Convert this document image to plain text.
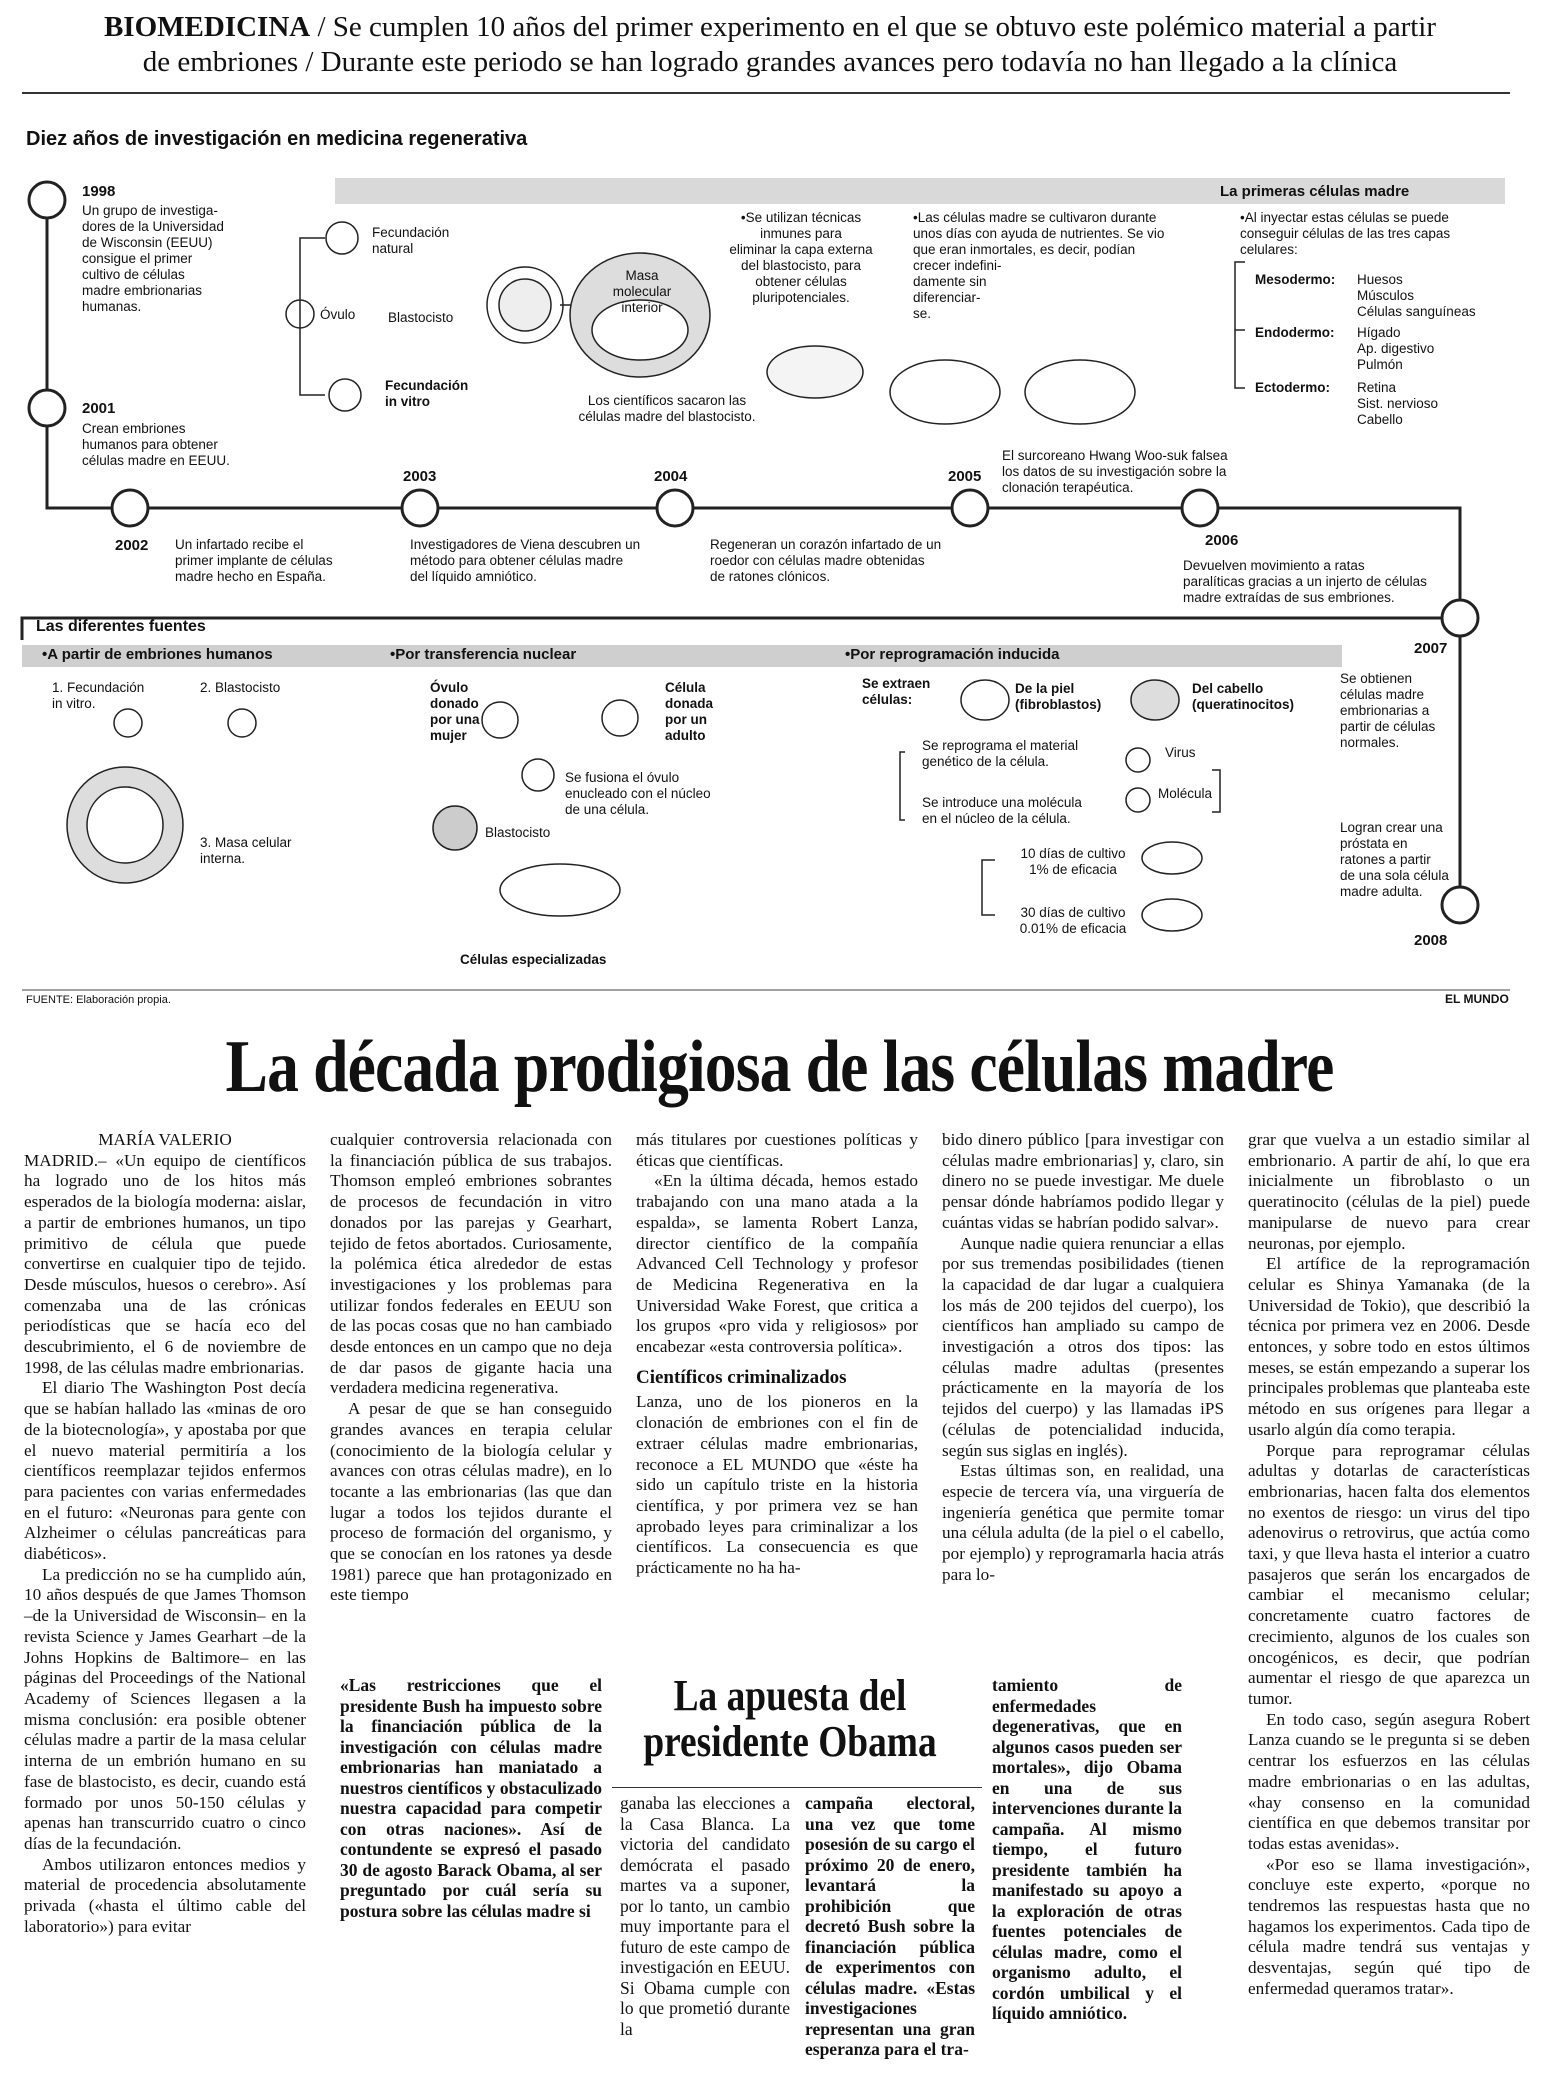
BIOMEDICINA / Se cumplen 10 años del primer experimento en el que se obtuvo este polémico material a partir
de embriones / Durante este periodo se han logrado grandes avances pero todavía no han llegado a la clínica
Diez años de investigación en medicina regenerativa
1998
2001
2002
2003	2004	2005
2006
2007
2008
Un grupo de investiga-
dores de la Universidad
de Wisconsin (EEUU)
consigue el primer
cultivo de células
madre embrionarias
humanas.
Crean embriones
humanos para obtener
células madre en EEUU.
Un infartado recibe el
primer implante de células
madre hecho en España.
Investigadores de Viena descubren un
método para obtener células madre
del líquido amniótico.
Regeneran un corazón infartado de un
roedor con células madre obtenidas
de ratones clónicos.
El surcoreano Hwang Woo-suk falsea
los datos de su investigación sobre la
clonación terapéutica.
Devuelven movimiento a ratas
paralíticas gracias a un injerto de células
madre extraídas de sus embriones.
Se obtienen
células madre
embrionarias a
partir de células
normales.
Logran crear una
próstata en
ratones a partir
de una sola célula
madre adulta.
La primeras células madre
Fecundación
natural
Óvulo Blastocisto
Fecundación
in vitro
Masa
molecular
interior
Los científicos sacaron las
células madre del blastocisto.
•Se utilizan técnicas
inmunes para
eliminar la capa externa
del blastocisto, para
obtener células
pluripotenciales.
•Las células madre se cultivaron durante
unos días con ayuda de nutrientes. Se vio
que eran inmortales, es decir, podían
crecer indefini-
damente sin
diferenciar-
se.
•Al inyectar estas células se puede
conseguir células de las tres capas
celulares:
Mesodermo: Huesos
Músculos
Células sanguíneas
Endodermo: Hígado
Ap. digestivo
Pulmón
Ectodermo: Retina
Sist. nervioso
Cabello
Las diferentes fuentes
•A partir de embriones humanos	•Por transferencia nuclear	•Por reprogramación inducida
1. Fecundación
in vitro.
2. Blastocisto
3. Masa celular
interna.
Óvulo
donado
por una
mujer
Célula
donada
por un
adulto
Se fusiona el óvulo
enucleado con el núcleo
de una célula.
Blastocisto
Células especializadas
Se extraen
células:
De la piel
(fibroblastos)
Del cabello
(queratinocitos)
Se reprograma el material
genético de la célula.
Virus
Molécula
Se introduce una molécula
en el núcleo de la célula.
10 días de cultivo
1% de eficacia
30 días de cultivo
0.01% de eficacia
FUENTE: Elaboración propia.	EL MUNDO
La década prodigiosa de las células madre

MARÍA VALERIO

MADRID.– «Un equipo de científicos ha logrado uno de los hitos más esperados de la biología moderna: aislar, a partir de embriones humanos, un tipo primitivo de célula que puede convertirse en cualquier tipo de tejido. Desde músculos, huesos o cerebro». Así comenzaba una de las crónicas periodísticas que se hacía eco del descubrimiento, el 6 de noviembre de 1998, de las células madre embrionarias.

El diario The Washington Post decía que se habían hallado las «minas de oro de la biotecnología», y apostaba por que el nuevo material permitiría a los científicos reemplazar tejidos enfermos para pacientes con varias enfermedades en el futuro: «Neuronas para gente con Alzheimer o células pancreáticas para diabéticos».

La predicción no se ha cumplido aún, 10 años después de que James Thomson –de la Universidad de Wisconsin– en la revista Science y James Gearhart –de la Johns Hopkins de Baltimore– en las páginas del Proceedings of the National Academy of Sciences llegasen a la misma conclusión: era posible obtener células madre a partir de la masa celular interna de un embrión humano en su fase de blastocisto, es decir, cuando está formado por unos 50-150 células y apenas han transcurrido cuatro o cinco días de la fecundación.

Ambos utilizaron entonces medios y material de procedencia absolutamente privada («hasta el último cable del laboratorio») para evitar

cualquier controversia relacionada con la financiación pública de sus trabajos. Thomson empleó embriones sobrantes de procesos de fecundación in vitro donados por las parejas y Gearhart, tejido de fetos abortados. Curiosamente, la polémica ética alrededor de estas investigaciones y los problemas para utilizar fondos federales en EEUU son de las pocas cosas que no han cambiado desde entonces en un campo que no deja de dar pasos de gigante hacia una verdadera medicina regenerativa.

A pesar de que se han conseguido grandes avances en terapia celular (conocimiento de la biología celular y avances con otras células madre), en lo tocante a las embrionarias (las que dan lugar a todos los tejidos durante el proceso de formación del organismo, y que se conocían en los ratones ya desde 1981) parece que han protagonizado en este tiempo

más titulares por cuestiones políticas y éticas que científicas.

«En la última década, hemos estado trabajando con una mano atada a la espalda», se lamenta Robert Lanza, director científico de la compañía Advanced Cell Technology y profesor de Medicina Regenerativa en la Universidad Wake Forest, que critica a los grupos «pro vida y religiosos» por encabezar «esta controversia política».

Científicos criminalizados

Lanza, uno de los pioneros en la clonación de embriones con el fin de extraer células madre embrionarias, reconoce a EL MUNDO que «éste ha sido un capítulo triste en la historia científica, y por primera vez se han aprobado leyes para criminalizar a los científicos. La consecuencia es que prácticamente no ha ha-

bido dinero público [para investigar con células madre embrionarias] y, claro, sin dinero no se puede investigar. Me duele pensar dónde habríamos podido llegar y cuántas vidas se habrían podido salvar».

Aunque nadie quiera renunciar a ellas por sus tremendas posibilidades (tienen la capacidad de dar lugar a cualquiera los más de 200 tejidos del cuerpo), los científicos han ampliado su campo de investigación a otros dos tipos: las células madre adultas (presentes prácticamente en la mayoría de los tejidos del cuerpo) y las llamadas iPS (células de potencialidad inducida, según sus siglas en inglés).

Estas últimas son, en realidad, una especie de tercera vía, una virguería de ingeniería genética que permite tomar una célula adulta (de la piel o el cabello, por ejemplo) y reprogramarla hacia atrás para lo-

grar que vuelva a un estadio similar al embrionario. A partir de ahí, lo que era inicialmente un fibroblasto o un queratinocito (células de la piel) puede manipularse de nuevo para crear neuronas, por ejemplo.

El artífice de la reprogramación celular es Shinya Yamanaka (de la Universidad de Tokio), que describió la técnica por primera vez en 2006. Desde entonces, y sobre todo en estos últimos meses, se están empezando a superar los principales problemas que planteaba este método en sus orígenes para llegar a usarlo algún día como terapia.

Porque para reprogramar células adultas y dotarlas de características embrionarias, hacen falta dos elementos no exentos de riesgo: un virus del tipo adenovirus o retrovirus, que actúa como taxi, y que lleva hasta el interior a cuatro pasajeros que serán los encargados de cambiar el mecanismo celular; concretamente cuatro factores de crecimiento, algunos de los cuales son oncogénicos, es decir, que podrían aumentar el riesgo de que aparezca un tumor.

En todo caso, según asegura Robert Lanza cuando se le pregunta si se deben centrar los esfuerzos en las células madre embrionarias o en las adultas, «hay consenso en la comunidad científica en que debemos transitar por todas estas avenidas».

«Por eso se llama investigación», concluye este experto, «porque no tendremos las respuestas hasta que no hagamos los experimentos. Cada tipo de célula madre tendrá sus ventajas y desventajas, según qué tipo de enfermedad queramos tratar».

«Las restricciones que el presidente Bush ha impuesto sobre la financiación pública de la investigación con células madre embrionarias han maniatado a nuestros científicos y obstaculizado nuestra capacidad para competir con otras naciones». Así de contundente se expresó el pasado 30 de agosto Barack Obama, al ser preguntado por cuál sería su postura sobre las células madre si
La apuesta del
presidente Obama
ganaba las elecciones a la Casa Blanca. La victoria del candidato demócrata el pasado martes va a suponer, por lo tanto, un cambio muy importante para el futuro de este campo de investigación en EEUU. Si Obama cumple con lo que prometió durante la
campaña electoral, una vez que tome posesión de su cargo el próximo 20 de enero, levantará la prohibición que decretó Bush sobre la financiación pública de experimentos con células madre. «Estas investigaciones representan una gran esperanza para el tra-
tamiento de enfermedades degenerativas, que en algunos casos pueden ser mortales», dijo Obama en una de sus intervenciones durante la campaña. Al mismo tiempo, el futuro presidente también ha manifestado su apoyo a la exploración de otras fuentes potenciales de células madre, como el organismo adulto, el cordón umbilical y el líquido amniótico.
